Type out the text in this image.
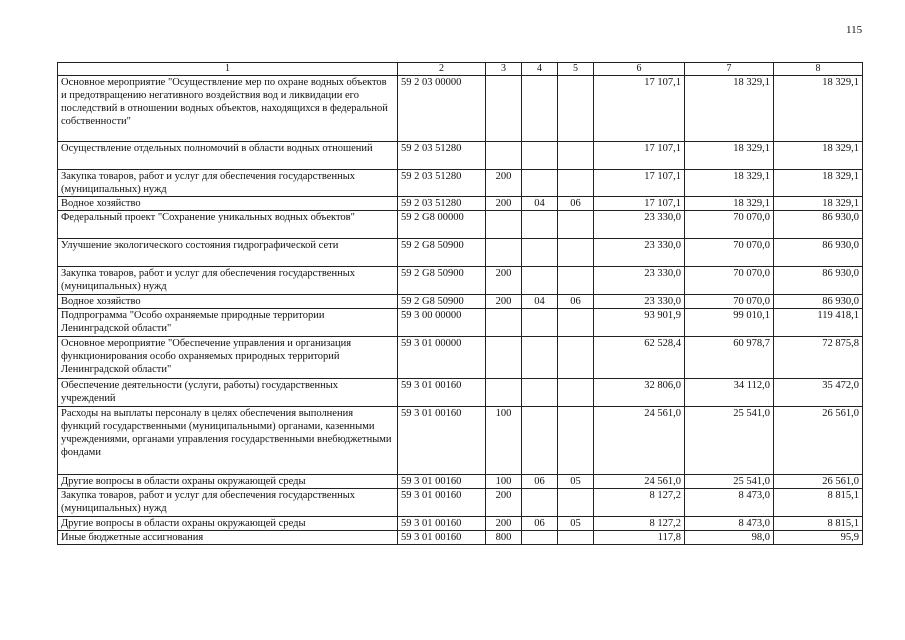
115
1	2	3	4	5	6	7	8
Основное мероприятие "Осуществление мер по охране водных объектов и предотвращению негативного воздействия вод и ликвидации его последствий в отношении водных объектов, находящихся в федеральной собственности"	59 2 03 00000				17 107,1	18 329,1	18 329,1
Осуществление отдельных полномочий в области водных отношений	59 2 03 51280				17 107,1	18 329,1	18 329,1
Закупка товаров, работ и услуг для обеспечения государственных (муниципальных) нужд	59 2 03 51280	200			17 107,1	18 329,1	18 329,1
Водное хозяйство	59 2 03 51280	200	04	06	17 107,1	18 329,1	18 329,1
Федеральный проект "Сохранение уникальных водных объектов"	59 2 G8 00000				23 330,0	70 070,0	86 930,0
Улучшение экологического состояния гидрографической сети	59 2 G8 50900				23 330,0	70 070,0	86 930,0
Закупка товаров, работ и услуг для обеспечения государственных (муниципальных) нужд	59 2 G8 50900	200			23 330,0	70 070,0	86 930,0
Водное хозяйство	59 2 G8 50900	200	04	06	23 330,0	70 070,0	86 930,0
Подпрограмма "Особо охраняемые природные территории Ленинградской области"	59 3 00 00000				93 901,9	99 010,1	119 418,1
Основное мероприятие "Обеспечение управления и организация функционирования особо охраняемых природных территорий Ленинградской области"	59 3 01 00000				62 528,4	60 978,7	72 875,8
Обеспечение деятельности (услуги, работы) государственных учреждений	59 3 01 00160				32 806,0	34 112,0	35 472,0
Расходы на выплаты персоналу в целях обеспечения выполнения функций государственными (муниципальными) органами, казенными учреждениями, органами управления государственными внебюджетными фондами	59 3 01 00160	100			24 561,0	25 541,0	26 561,0
Другие вопросы в области охраны окружающей среды	59 3 01 00160	100	06	05	24 561,0	25 541,0	26 561,0
Закупка товаров, работ и услуг для обеспечения государственных (муниципальных) нужд	59 3 01 00160	200			8 127,2	8 473,0	8 815,1
Другие вопросы в области охраны окружающей среды	59 3 01 00160	200	06	05	8 127,2	8 473,0	8 815,1
Иные бюджетные ассигнования	59 3 01 00160	800			117,8	98,0	95,9
